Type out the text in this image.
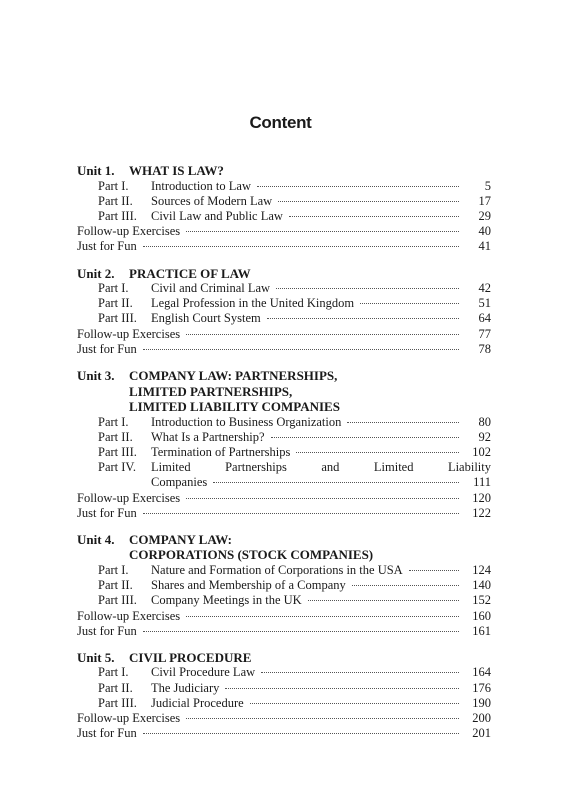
Content
Unit 1.	WHAT IS LAW?
Part I.	Introduction to Law	5
Part II.	Sources of Modern Law	17
Part III.	Civil Law and Public Law	29
Follow-up Exercises	40
Just for Fun	41
Unit 2.	PRACTICE OF LAW
Part I.	Civil and Criminal Law	42
Part II.	Legal Profession in the United Kingdom	51
Part III.	English Court System	64
Follow-up Exercises	77
Just for Fun	78
Unit 3.	COMPANY LAW: PARTNERSHIPS,
LIMITED PARTNERSHIPS,
LIMITED LIABILITY COMPANIES
Part I.	Introduction to Business Organization	80
Part II.	What Is a Partnership?	92
Part III.	Termination of Partnerships	102
Part IV.	Limited Partnerships and Limited Liability
Companies	111
Follow-up Exercises	120
Just for Fun	122
Unit 4.	COMPANY LAW:
CORPORATIONS (STOCK COMPANIES)
Part I.	Nature and Formation of Corporations in the USA	124
Part II.	Shares and Membership of a Company	140
Part III.	Company Meetings in the UK	152
Follow-up Exercises	160
Just for Fun	161
Unit 5.	CIVIL PROCEDURE
Part I.	Civil Procedure Law	164
Part II.	The Judiciary	176
Part III.	Judicial Procedure	190
Follow-up Exercises	200
Just for Fun	201
